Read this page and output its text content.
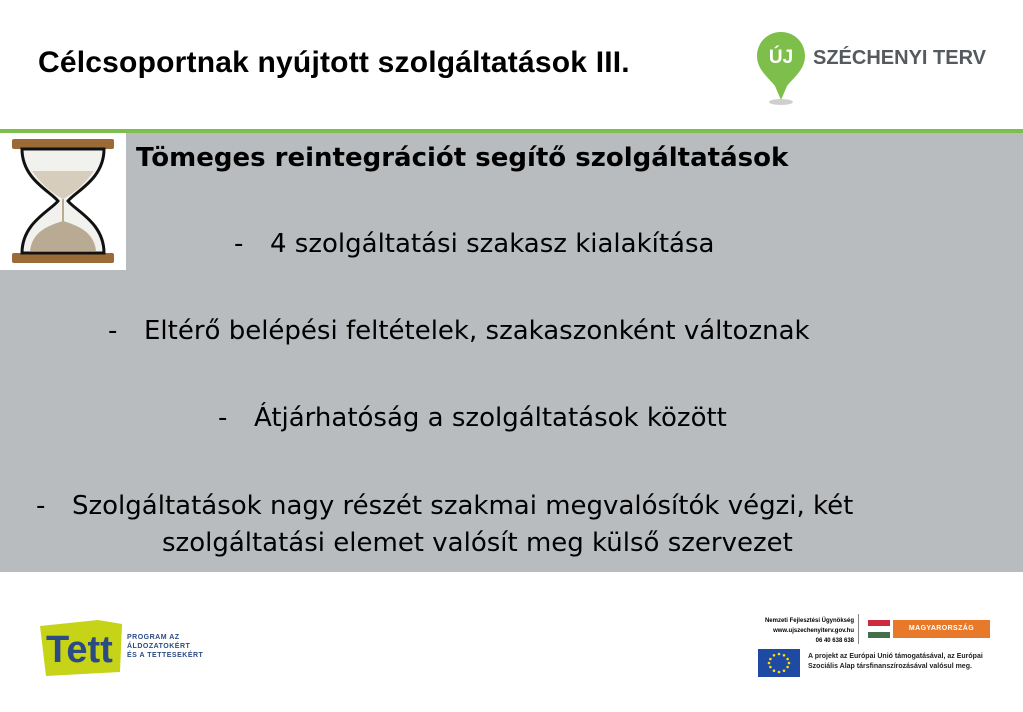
Célcsoportnak nyújtott szolgáltatások III.	ÚJ SZÉCHENYI TERV
Tömeges reintegrációt segítő szolgáltatások
- 4 szolgáltatási szakasz kialakítása
- Eltérő belépési feltételek, szakaszonként változnak
- Átjárhatóság a szolgáltatások között
- Szolgáltatások nagy részét szakmai megvalósítók végzi, két
szolgáltatási elemet valósít meg külső szervezet
Tett PROGRAM AZ
ÁLDOZATOKÉRT
ÉS A TETTESEKÉRT
Nemzeti Fejlesztési Ügynökség
www.ujszechenyiterv.gov.hu
06 40 638 638
MAGYARORSZÁG MEGÚJUL
A projekt az Európai Unió támogatásával, az Európai Szociális Alap társfinanszírozásával valósul meg.
